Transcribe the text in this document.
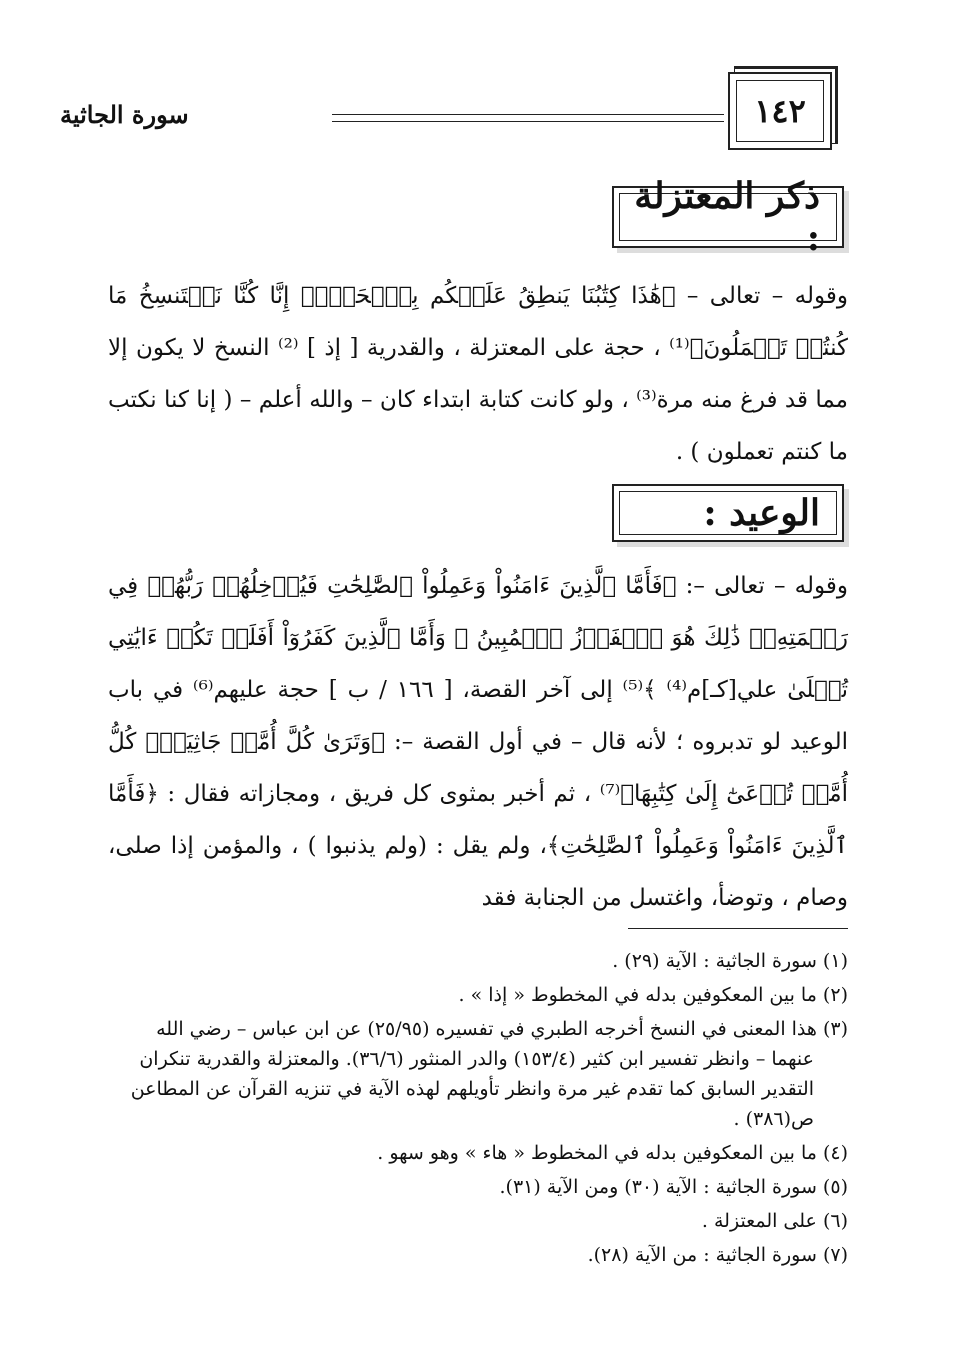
١٤٢
سورة الجاثية
ذكر المعتزلة :
وقوله – تعالى – ﴿هَٰذَا كِتَٰبُنَا يَنطِقُ عَلَيۡكُم بِٱلۡحَقِّۚ إِنَّا كُنَّا نَسۡتَنسِخُ مَا كُنتُمۡ تَعۡمَلُونَ﴾⁽¹⁾ ، حجة على المعتزلة ، والقدرية [ إذ ] ⁽²⁾ النسخ لا يكون إلا مما قد فرغ منه مرة⁽³⁾ ، ولو كانت كتابة ابتداء كان – والله أعلم – ( إنا كنا نكتب ما كنتم تعملون ) .
الوعيد :
وقوله – تعالى –: ﴿فَأَمَّا ٱلَّذِينَ ءَامَنُواْ وَعَمِلُواْ ٱلصَّٰلِحَٰتِ فَيُدۡخِلُهُمۡ رَبُّهُمۡ فِي رَحۡمَتِهِۦۚ ذَٰلِكَ هُوَ ٱلۡفَوۡزُ ٱلۡمُبِينُ ۞ وَأَمَّا ٱلَّذِينَ كَفَرُوٓاْ أَفَلَمۡ تَكُنۡ ءَايَٰتِي تُتۡلَىٰ علي[كـ]م⁽⁴⁾ ﴾⁽⁵⁾ إلى آخر القصة، [ ١٦٦ / ب ] حجة عليهم⁽⁶⁾ في باب الوعيد لو تدبروه ؛ لأنه قال – في أول القصة –: ﴿وَتَرَىٰ كُلَّ أُمَّةٖ جَاثِيَةٗۚ كُلُّ أُمَّةٖ تُدۡعَىٰٓ إِلَىٰ كِتَٰبِهَا﴾⁽⁷⁾ ، ثم أخبر بمثوى كل فريق ، ومجازاته فقال : ﴿فَأَمَّا ٱلَّذِينَ ءَامَنُواْ وَعَمِلُواْ ٱلصَّٰلِحَٰتِ﴾، ولم يقل : (ولم يذنبوا ) ، والمؤمن إذا صلى، وصام ، وتوضأ، واغتسل من الجنابة فقد

(١) سورة الجاثية : الآية (٢٩) .

(٢) ما بين المعكوفين بدله في المخطوط « إذا » .

(٣) هذا المعنى في النسخ أخرجه الطبري في تفسيره (٢٥/٩٥) عن ابن عباس – رضي الله عنهما – وانظر تفسير ابن كثير (١٥٣/٤) والدر المنثور (٣٦/٦). والمعتزلة والقدرية تنكران التقدير السابق كما تقدم غير مرة وانظر تأويلهم لهذه الآية في تنزيه القرآن عن المطاعن ص(٣٨٦) .

(٤) ما بين المعكوفين بدله في المخطوط « هاء » وهو سهو .

(٥) سورة الجاثية : الآية (٣٠) ومن الآية (٣١).

(٦) على المعتزلة .

(٧) سورة الجاثية : من الآية (٢٨).
